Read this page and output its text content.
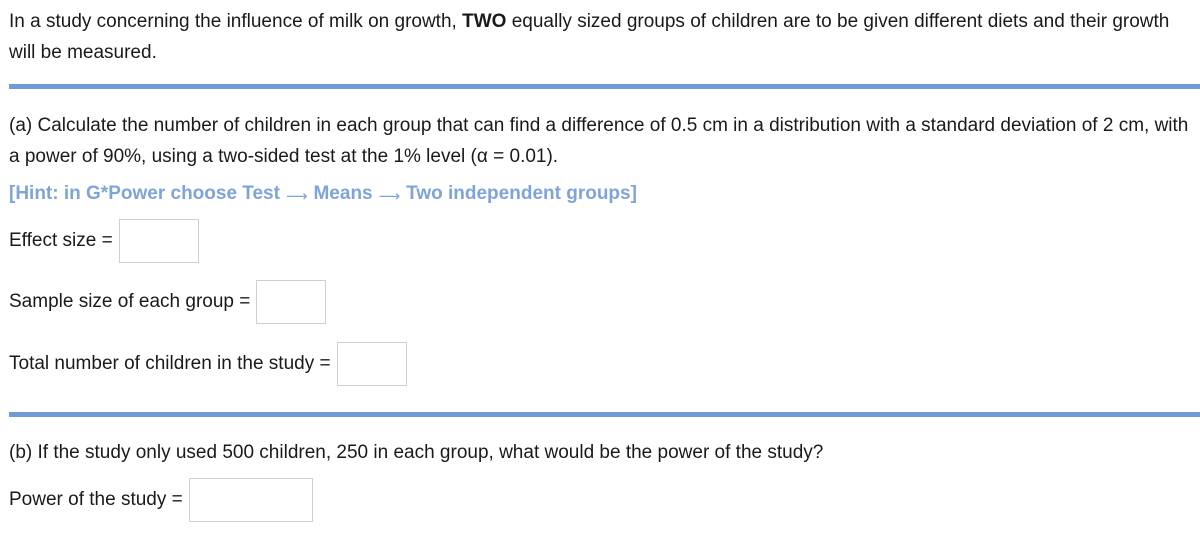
In a study concerning the influence of milk on growth, TWO equally sized groups of children are to be given different diets and their growth will be measured.
(a) Calculate the number of children in each group that can find a difference of 0.5 cm in a distribution with a standard deviation of 2 cm, with a power of 90%, using a two-sided test at the 1% level (α = 0.01).
[Hint: in G*Power choose Test ⟶ Means ⟶ Two independent groups]
Effect size =
Sample size of each group =
Total number of children in the study =
(b) If the study only used 500 children, 250 in each group, what would be the power of the study?
Power of the study =
